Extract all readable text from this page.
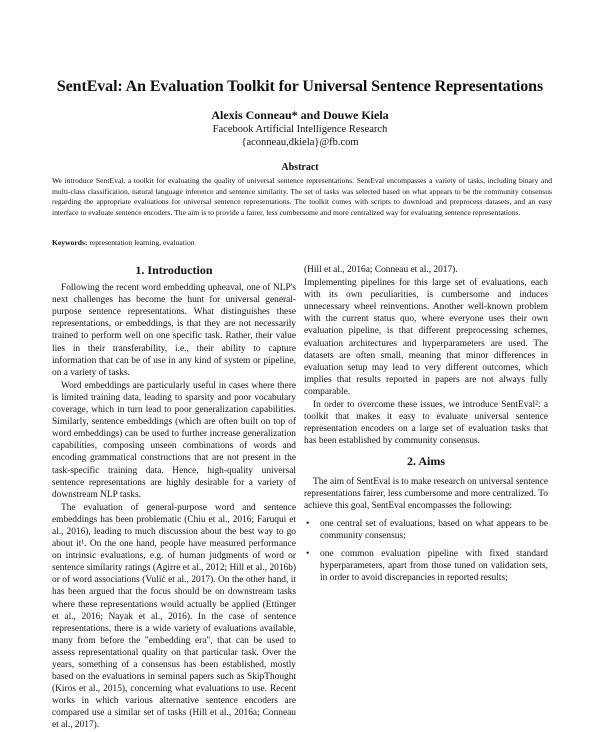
SentEval: An Evaluation Toolkit for Universal Sentence Representations
Alexis Conneau* and Douwe Kiela
Facebook Artificial Intelligence Research
{aconneau,dkiela}@fb.com
Abstract
We introduce SentEval, a toolkit for evaluating the quality of universal sentence representations. SentEval encompasses a variety of tasks, including binary and multi-class classification, natural language inference and sentence similarity. The set of tasks was selected based on what appears to be the community consensus regarding the appropriate evaluations for universal sentence representations. The toolkit comes with scripts to download and preprocess datasets, and an easy interface to evaluate sentence encoders. The aim is to provide a fairer, less cumbersome and more centralized way for evaluating sentence representations.
Keywords: representation learning, evaluation
1. Introduction

Following the recent word embedding upheaval, one of NLP's next challenges has become the hunt for universal general-purpose sentence representations. What distinguishes these representations, or embeddings, is that they are not necessarily trained to perform well on one specific task. Rather, their value lies in their transferability, i.e., their ability to capture information that can be of use in any kind of system or pipeline, on a variety of tasks.

Word embeddings are particularly useful in cases where there is limited training data, leading to sparsity and poor vocabulary coverage, which in turn lead to poor generalization capabilities. Similarly, sentence embeddings (which are often built on top of word embeddings) can be used to further increase generalization capabilities, composing unseen combinations of words and encoding grammatical constructions that are not present in the task-specific training data. Hence, high-quality universal sentence representations are highly desirable for a variety of downstream NLP tasks.

The evaluation of general-purpose word and sentence embeddings has been problematic (Chiu et al., 2016; Faruqui et al., 2016), leading to much discussion about the best way to go about it¹. On the one hand, people have measured performance on intrinsic evaluations, e.g. of human judgments of word or sentence similarity ratings (Agirre et al., 2012; Hill et al., 2016b) or of word associations (Vulić et al., 2017). On the other hand, it has been argued that the focus should be on downstream tasks where these representations would actually be applied (Ettinger et al., 2016; Nayak et al., 2016). In the case of sentence representations, there is a wide variety of evaluations available, many from before the "embedding era", that can be used to assess representational quality on that particular task. Over the years, something of a consensus has been established, mostly based on the evaluations in seminal papers such as SkipThought (Kiros et al., 2015), concerning what evaluations to use. Recent works in which various alternative sentence encoders are compared use a similar set of tasks (Hill et al., 2016a; Conneau et al., 2017).

(Hill et al., 2016a; Conneau et al., 2017).

Implementing pipelines for this large set of evaluations, each with its own peculiarities, is cumbersome and induces unnecessary wheel reinventions. Another well-known problem with the current status quo, where everyone uses their own evaluation pipeline, is that different preprocessing schemes, evaluation architectures and hyperparameters are used. The datasets are often small, meaning that minor differences in evaluation setup may lead to very different outcomes, which implies that results reported in papers are not always fully comparable.

In order to overcome these issues, we introduce SentEval²: a toolkit that makes it easy to evaluate universal sentence representation encoders on a large set of evaluation tasks that has been established by community consensus.

2. Aims

The aim of SentEval is to make research on universal sentence representations fairer, less cumbersome and more centralized. To achieve this goal, SentEval encompasses the following:

• one central set of evaluations, based on what appears to be community consensus;
• one common evaluation pipeline with fixed standard hyperparameters, apart from those tuned on validation sets, in order to avoid discrepancies in reported results;
